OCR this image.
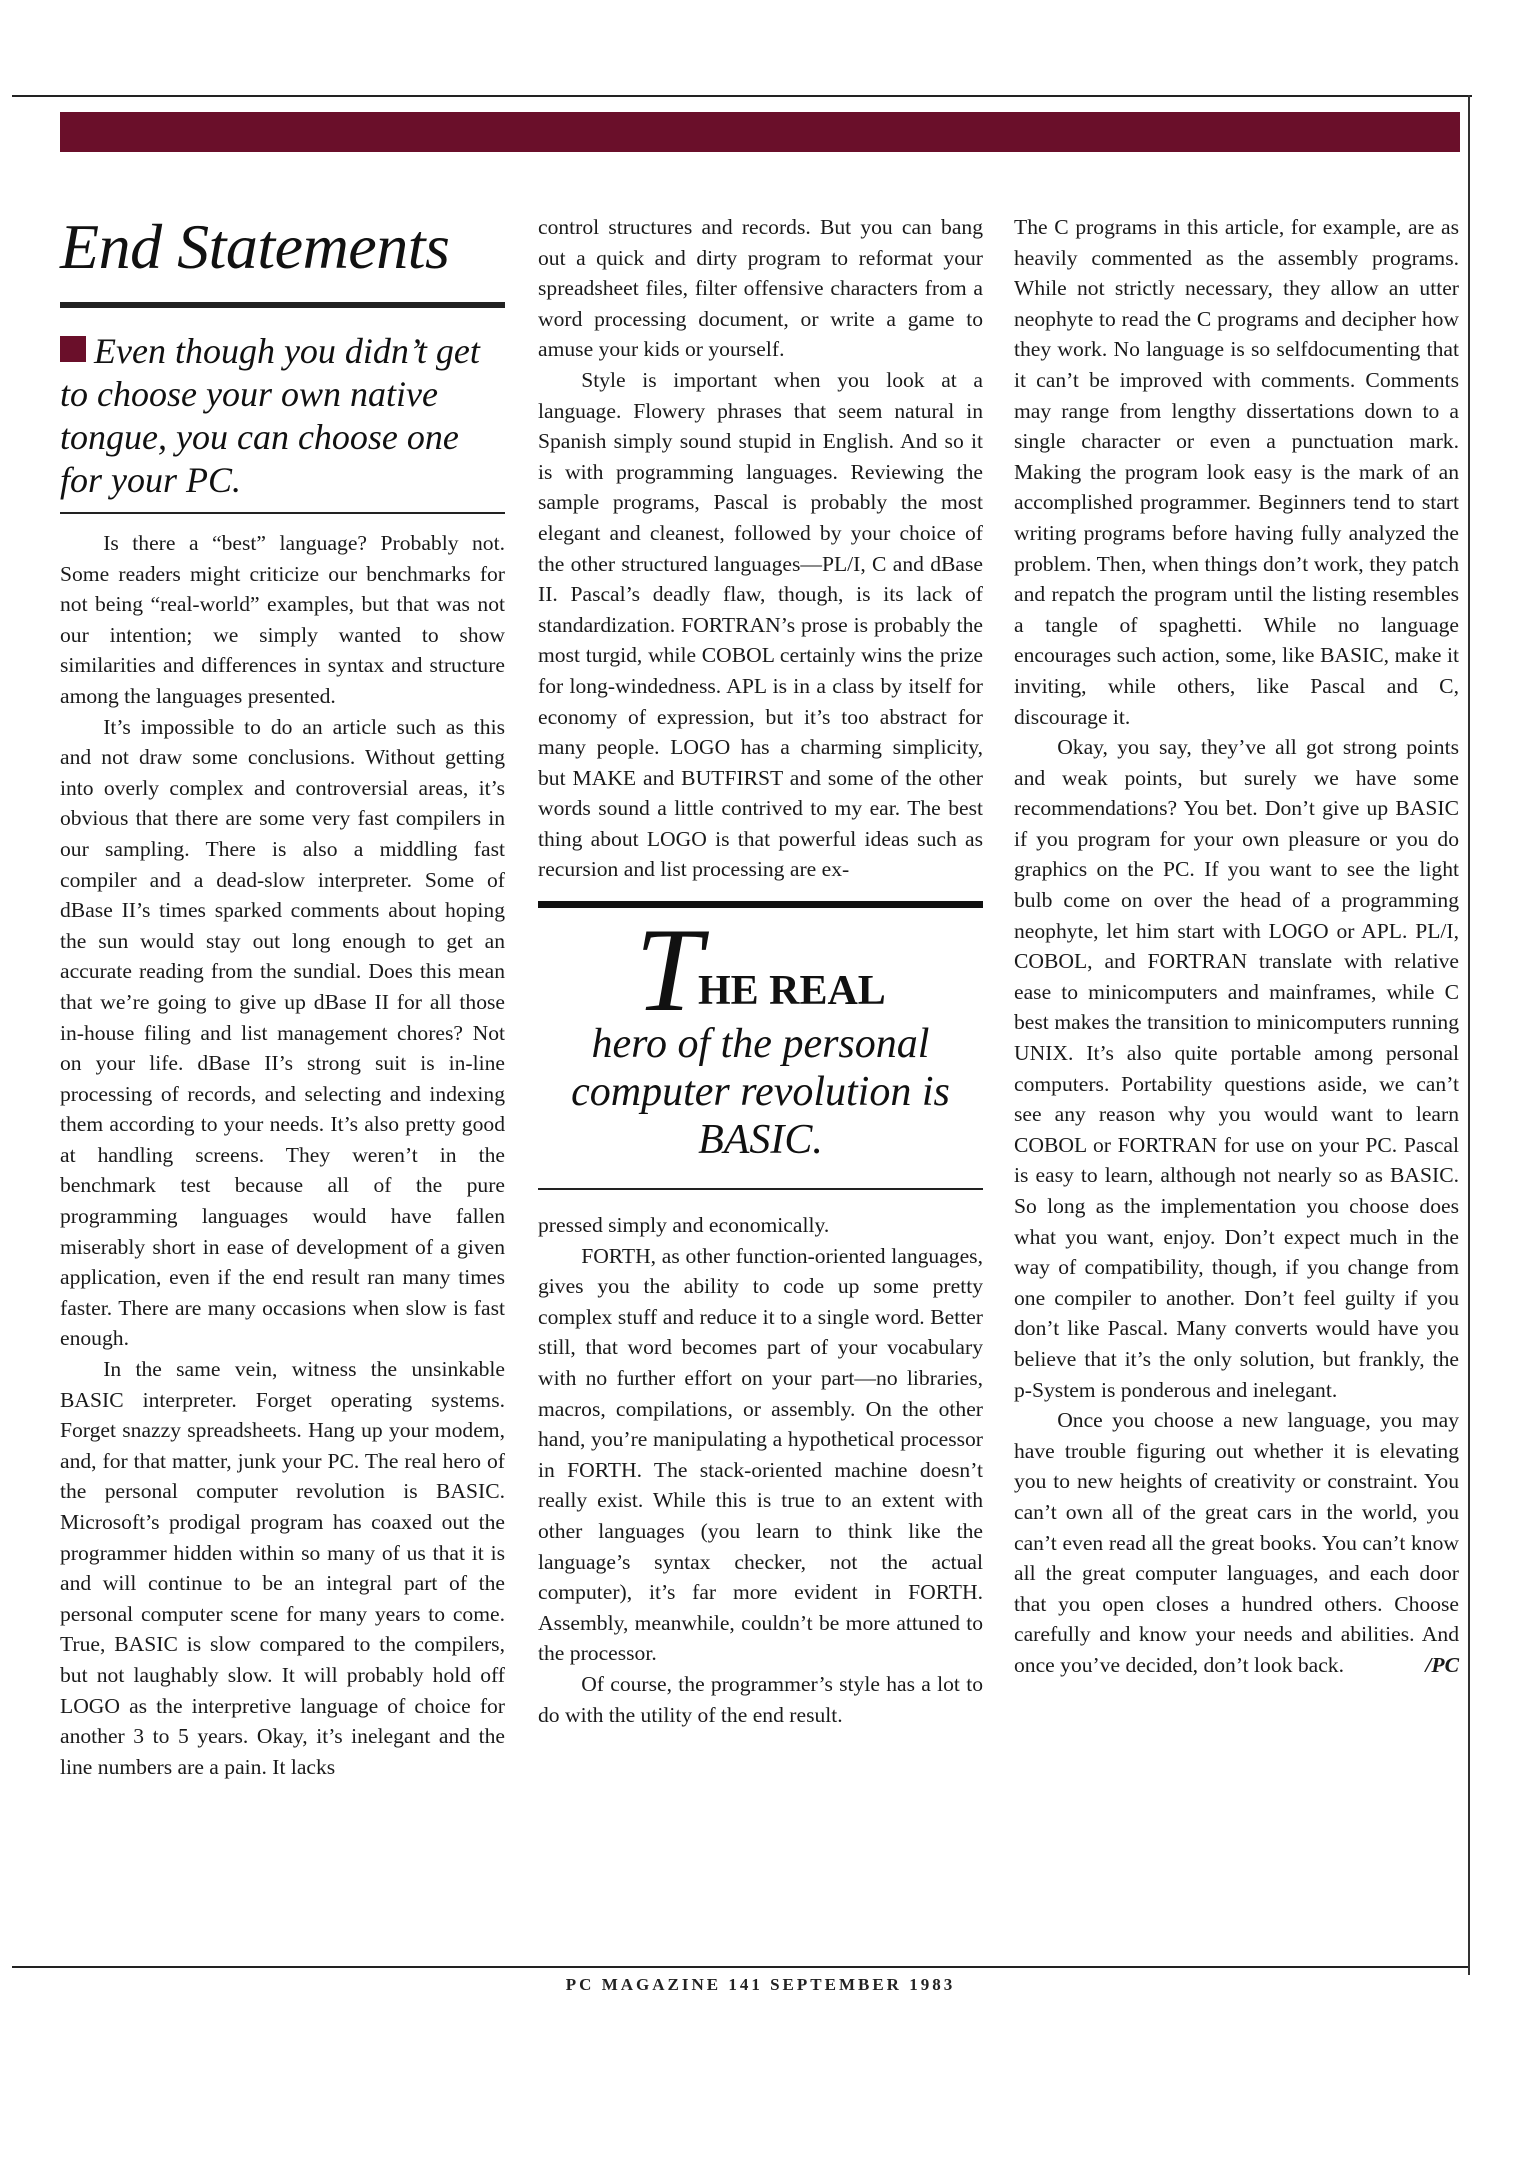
End Statements
Even though you didn’t get to choose your own native tongue, you can choose one for your PC.

Is there a “best” language? Probably not. Some readers might criticize our benchmarks for not being “real-world” examples, but that was not our intention; we simply wanted to show similarities and differences in syntax and structure among the languages presented.

It’s impossible to do an article such as this and not draw some conclusions. Without getting into overly complex and controversial areas, it’s obvious that there are some very fast compilers in our sampling. There is also a middling fast compiler and a dead-slow interpreter. Some of dBase II’s times sparked comments about hoping the sun would stay out long enough to get an accurate reading from the sundial. Does this mean that we’re going to give up dBase II for all those in-house filing and list management chores? Not on your life. dBase II’s strong suit is in-line processing of records, and selecting and indexing them according to your needs. It’s also pretty good at handling screens. They weren’t in the benchmark test because all of the pure programming languages would have fallen miserably short in ease of development of a given application, even if the end result ran many times faster. There are many occasions when slow is fast enough.

In the same vein, witness the unsinkable BASIC interpreter. Forget operating systems. Forget snazzy spreadsheets. Hang up your modem, and, for that matter, junk your PC. The real hero of the personal computer revolution is BASIC. Microsoft’s prodigal program has coaxed out the programmer hidden within so many of us that it is and will continue to be an integral part of the personal computer scene for many years to come. True, BASIC is slow compared to the compilers, but not laughably slow. It will probably hold off LOGO as the interpretive language of choice for another 3 to 5 years. Okay, it’s inelegant and the line numbers are a pain. It lacks

control structures and records. But you can bang out a quick and dirty program to reformat your spreadsheet files, filter offensive characters from a word processing document, or write a game to amuse your kids or yourself.

Style is important when you look at a language. Flowery phrases that seem natural in Spanish simply sound stupid in English. And so it is with programming languages. Reviewing the sample programs, Pascal is probably the most elegant and cleanest, followed by your choice of the other structured languages—PL/I, C and dBase II. Pascal’s deadly flaw, though, is its lack of standardization. FORTRAN’s prose is probably the most turgid, while COBOL certainly wins the prize for long-windedness. APL is in a class by itself for economy of expression, but it’s too abstract for many people. LOGO has a charming simplicity, but MAKE and BUTFIRST and some of the other words sound a little contrived to my ear. The best thing about LOGO is that powerful ideas such as recursion and list processing are ex-

THE REAL
hero of the personal computer revolution is BASIC.

pressed simply and economically.

FORTH, as other function-oriented languages, gives you the ability to code up some pretty complex stuff and reduce it to a single word. Better still, that word becomes part of your vocabulary with no further effort on your part—no libraries, macros, compilations, or assembly. On the other hand, you’re manipulating a hypothetical processor in FORTH. The stack-oriented machine doesn’t really exist. While this is true to an extent with other languages (you learn to think like the language’s syntax checker, not the actual computer), it’s far more evident in FORTH. Assembly, meanwhile, couldn’t be more attuned to the processor.

Of course, the programmer’s style has a lot to do with the utility of the end result.

The C programs in this article, for example, are as heavily commented as the assembly programs. While not strictly necessary, they allow an utter neophyte to read the C programs and decipher how they work. No language is so selfdocumenting that it can’t be improved with comments. Comments may range from lengthy dissertations down to a single character or even a punctuation mark. Making the program look easy is the mark of an accomplished programmer. Beginners tend to start writing programs before having fully analyzed the problem. Then, when things don’t work, they patch and repatch the program until the listing resembles a tangle of spaghetti. While no language encourages such action, some, like BASIC, make it inviting, while others, like Pascal and C, discourage it.

Okay, you say, they’ve all got strong points and weak points, but surely we have some recommendations? You bet. Don’t give up BASIC if you program for your own pleasure or you do graphics on the PC. If you want to see the light bulb come on over the head of a programming neophyte, let him start with LOGO or APL. PL/I, COBOL, and FORTRAN translate with relative ease to minicomputers and mainframes, while C best makes the transition to minicomputers running UNIX. It’s also quite portable among personal computers. Portability questions aside, we can’t see any reason why you would want to learn COBOL or FORTRAN for use on your PC. Pascal is easy to learn, although not nearly so as BASIC. So long as the implementation you choose does what you want, enjoy. Don’t expect much in the way of compatibility, though, if you change from one compiler to another. Don’t feel guilty if you don’t like Pascal. Many converts would have you believe that it’s the only solution, but frankly, the p-System is ponderous and inelegant.

Once you choose a new language, you may have trouble figuring out whether it is elevating you to new heights of creativity or constraint. You can’t own all of the great cars in the world, you can’t even read all the great books. You can’t know all the great computer languages, and each door that you open closes a hundred others. Choose carefully and know your needs and abilities. And once you’ve decided, don’t look back.	/PC

PC MAGAZINE 141 SEPTEMBER 1983
